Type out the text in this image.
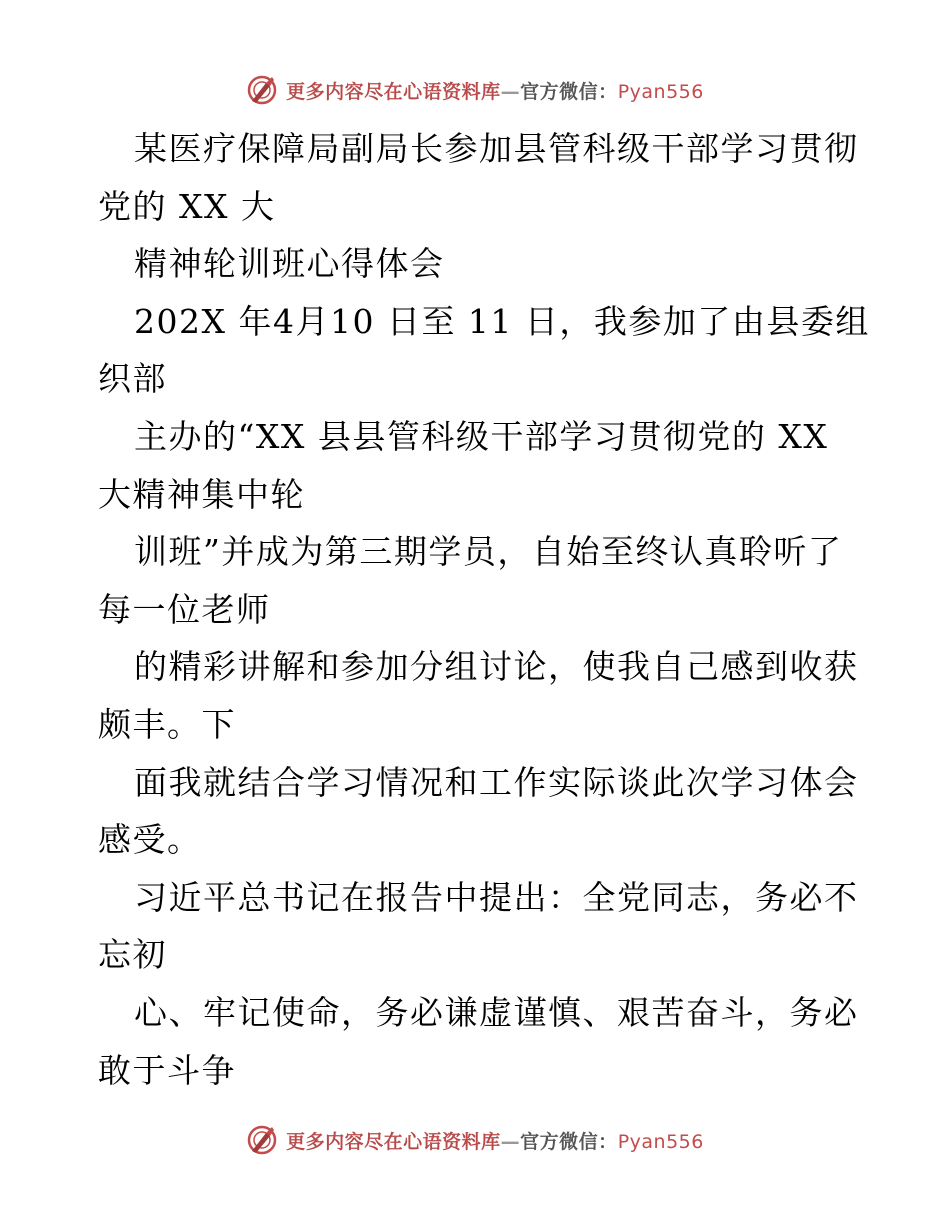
更多内容尽在心语资料库—官方微信：Pyan556
某医疗保障局副局长参加县管科级干部学习贯彻
党的 XX 大
精神轮训班心得体会
202X 年4月10 日至 11 日，我参加了由县委组
织部
主办的“XX 县县管科级干部学习贯彻党的 XX
大精神集中轮
训班”并成为第三期学员，自始至终认真聆听了
每一位老师
的精彩讲解和参加分组讨论，使我自己感到收获
颇丰。下
面我就结合学习情况和工作实际谈此次学习体会
感受。
习近平总书记在报告中提出：全党同志，务必不
忘初
心、牢记使命，务必谦虚谨慎、艰苦奋斗，务必
敢于斗争
更多内容尽在心语资料库—官方微信：Pyan556
